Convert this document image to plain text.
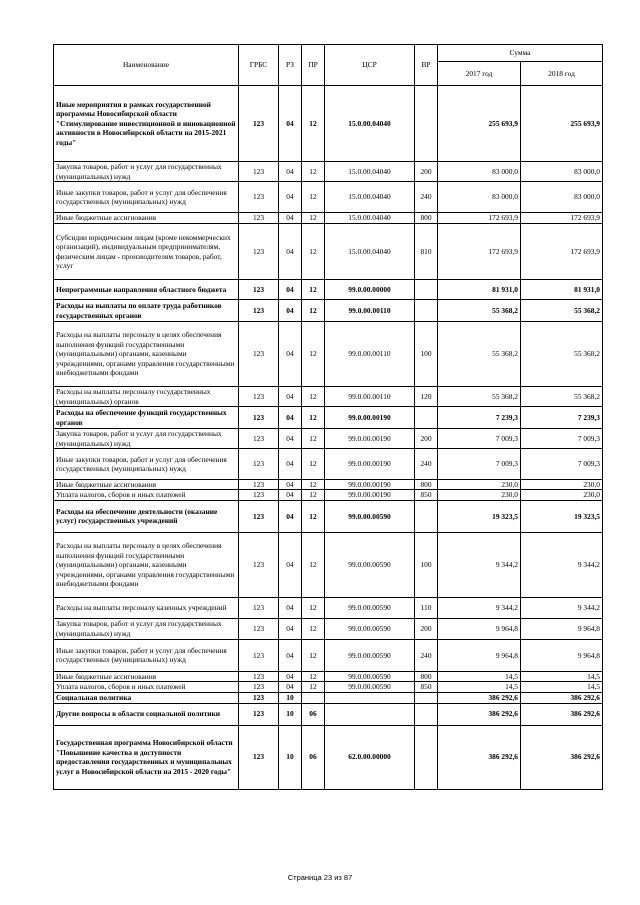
Наименование	ГРБС	РЗ	ПР	ЦСР	ВР	Сумма	
						2017 год	2018 год
Иные мероприятия в рамках государственной программы Новосибирской области "Стимулирование инвестиционной и инновационной активности в Новосибирской области на 2015-2021 годы"	123	04	12	15.0.00.04040		255 693,9	255 693,9
Закупка товаров, работ и услуг для государственных (муниципальных) нужд	123	04	12	15.0.00.04040	200	83 000,0	83 000,0
Иные закупки товаров, работ и услуг для обеспечения государственных (муниципальных) нужд	123	04	12	15.0.00.04040	240	83 000,0	83 000,0
Иные бюджетные ассигнования	123	04	12	15.0.00.04040	800	172 693,9	172 693,9
Субсидии юридическим лицам (кроме некоммерческих организаций), индивидуальным предпринимателям, физическим лицам - производителям товаров, работ, услуг	123	04	12	15.0.00.04040	810	172 693,9	172 693,9
Непрограммные направления областного бюджета	123	04	12	99.0.00.00000		81 931,0	81 931,0
Расходы на выплаты по оплате труда работников государственных органов	123	04	12	99.0.00.00110		55 368,2	55 368,2
Расходы на выплаты персоналу в целях обеспечения выполнения функций государственными (муниципальными) органами, казенными учреждениями, органами управления государственными внебюджетными фондами	123	04	12	99.0.00.00110	100	55 368,2	55 368,2
Расходы на выплаты персоналу государственных (муниципальных) органов	123	04	12	99.0.00.00110	120	55 368,2	55 368,2
Расходы на обеспечение функций государственных органов	123	04	12	99.0.00.00190		7 239,3	7 239,3
Закупка товаров, работ и услуг для государственных (муниципальных) нужд	123	04	12	99.0.00.00190	200	7 009,3	7 009,3
Иные закупки товаров, работ и услуг для обеспечения государственных (муниципальных) нужд	123	04	12	99.0.00.00190	240	7 009,3	7 009,3
Иные бюджетные ассигнования	123	04	12	99.0.00.00190	800	230,0	230,0
Уплата налогов, сборов и иных платежей	123	04	12	99.0.00.00190	850	230,0	230,0
Расходы на обеспечение деятельности (оказание услуг) государственных учреждений	123	04	12	99.0.00.00590		19 323,5	19 323,5
Расходы на выплаты персоналу в целях обеспечения выполнения функций государственными (муниципальными) органами, казенными учреждениями, органами управления государственными внебюджетными фондами	123	04	12	99.0.00.00590	100	9 344,2	9 344,2
Расходы на выплаты персоналу казенных учреждений	123	04	12	99.0.00.00590	110	9 344,2	9 344,2
Закупка товаров, работ и услуг для государственных (муниципальных) нужд	123	04	12	99.0.00.00590	200	9 964,8	9 964,8
Иные закупки товаров, работ и услуг для обеспечения государственных (муниципальных) нужд	123	04	12	99.0.00.00590	240	9 964,8	9 964,8
Иные бюджетные ассигнования	123	04	12	99.0.00.00590	800	14,5	14,5
Уплата налогов, сборов и иных платежей	123	04	12	99.0.00.00590	850	14,5	14,5
Социальная политика	123	10				386 292,6	386 292,6
Другие вопросы в области социальной политики	123	10	06			386 292,6	386 292,6
Государственная программа Новосибирской области "Повышение качества и доступности предоставления государственных и муниципальных услуг в Новосибирской области на 2015 - 2020 годы"	123	10	06	62.0.00.00000		386 292,6	386 292,6
Страница 23 из 87
